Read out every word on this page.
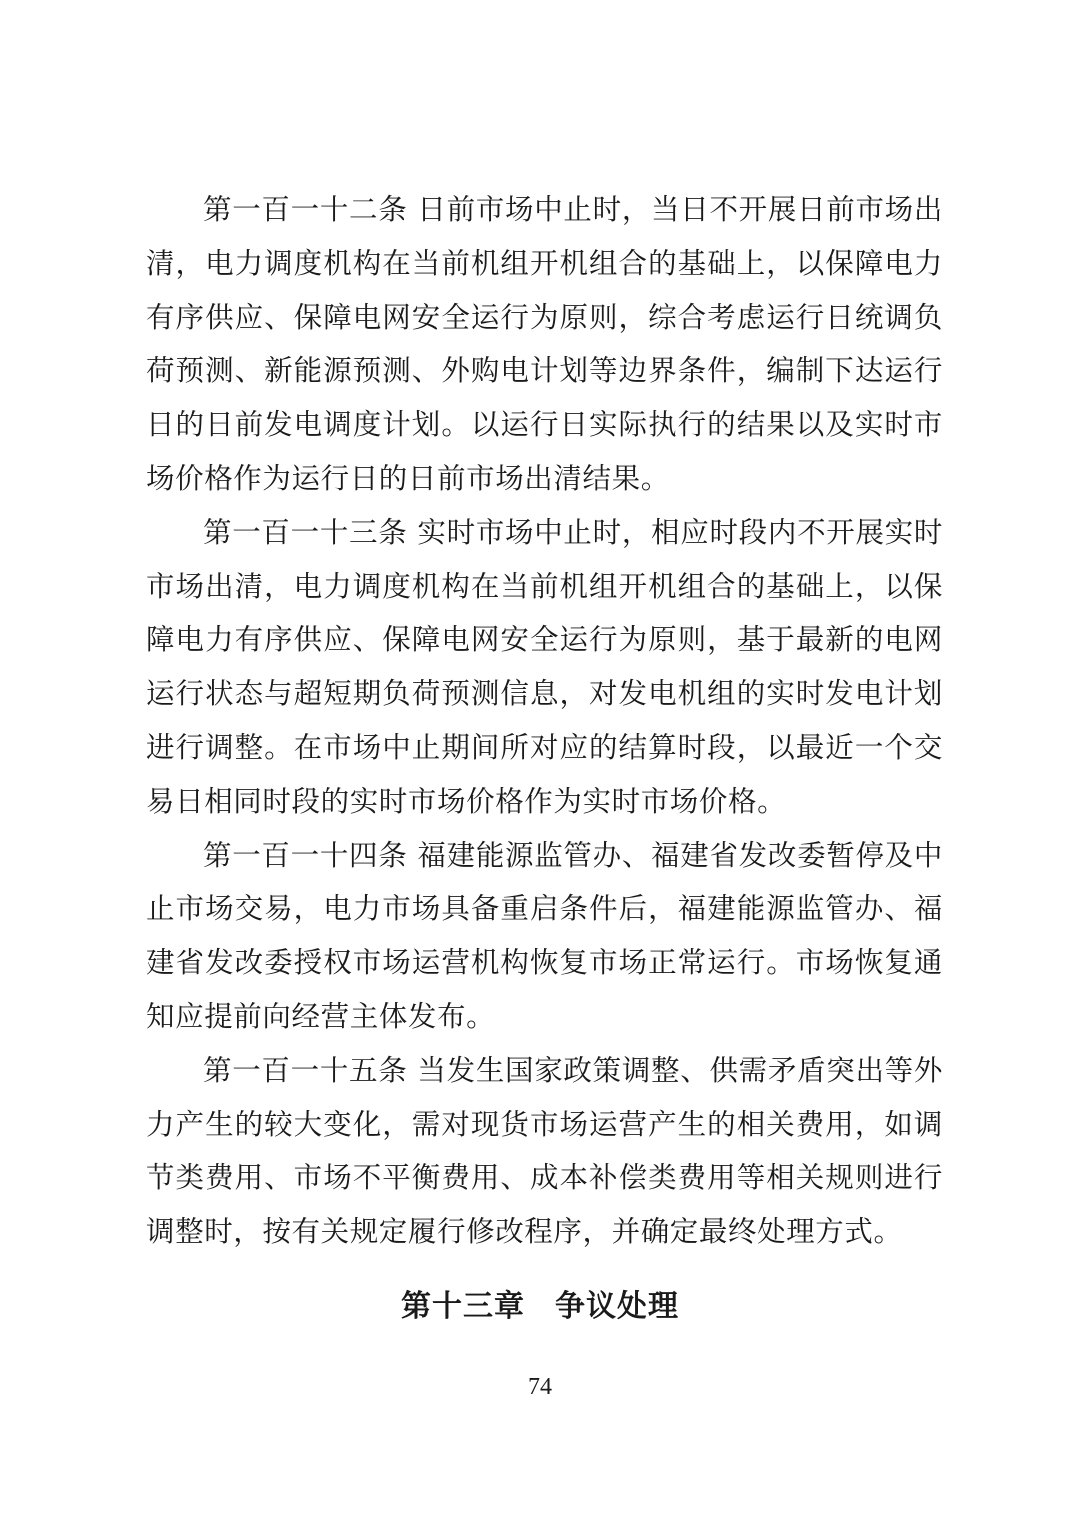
第一百一十二条 日前市场中止时，当日不开展日前市场出清，电力调度机构在当前机组开机组合的基础上，以保障电力有序供应、保障电网安全运行为原则，综合考虑运行日统调负荷预测、新能源预测、外购电计划等边界条件，编制下达运行日的日前发电调度计划。以运行日实际执行的结果以及实时市场价格作为运行日的日前市场出清结果。

第一百一十三条 实时市场中止时，相应时段内不开展实时市场出清，电力调度机构在当前机组开机组合的基础上，以保障电力有序供应、保障电网安全运行为原则，基于最新的电网运行状态与超短期负荷预测信息，对发电机组的实时发电计划进行调整。在市场中止期间所对应的结算时段，以最近一个交易日相同时段的实时市场价格作为实时市场价格。

第一百一十四条 福建能源监管办、福建省发改委暂停及中止市场交易，电力市场具备重启条件后，福建能源监管办、福建省发改委授权市场运营机构恢复市场正常运行。市场恢复通知应提前向经营主体发布。

第一百一十五条 当发生国家政策调整、供需矛盾突出等外力产生的较大变化，需对现货市场运营产生的相关费用，如调节类费用、市场不平衡费用、成本补偿类费用等相关规则进行调整时，按有关规定履行修改程序，并确定最终处理方式。

第十三章 争议处理
74
